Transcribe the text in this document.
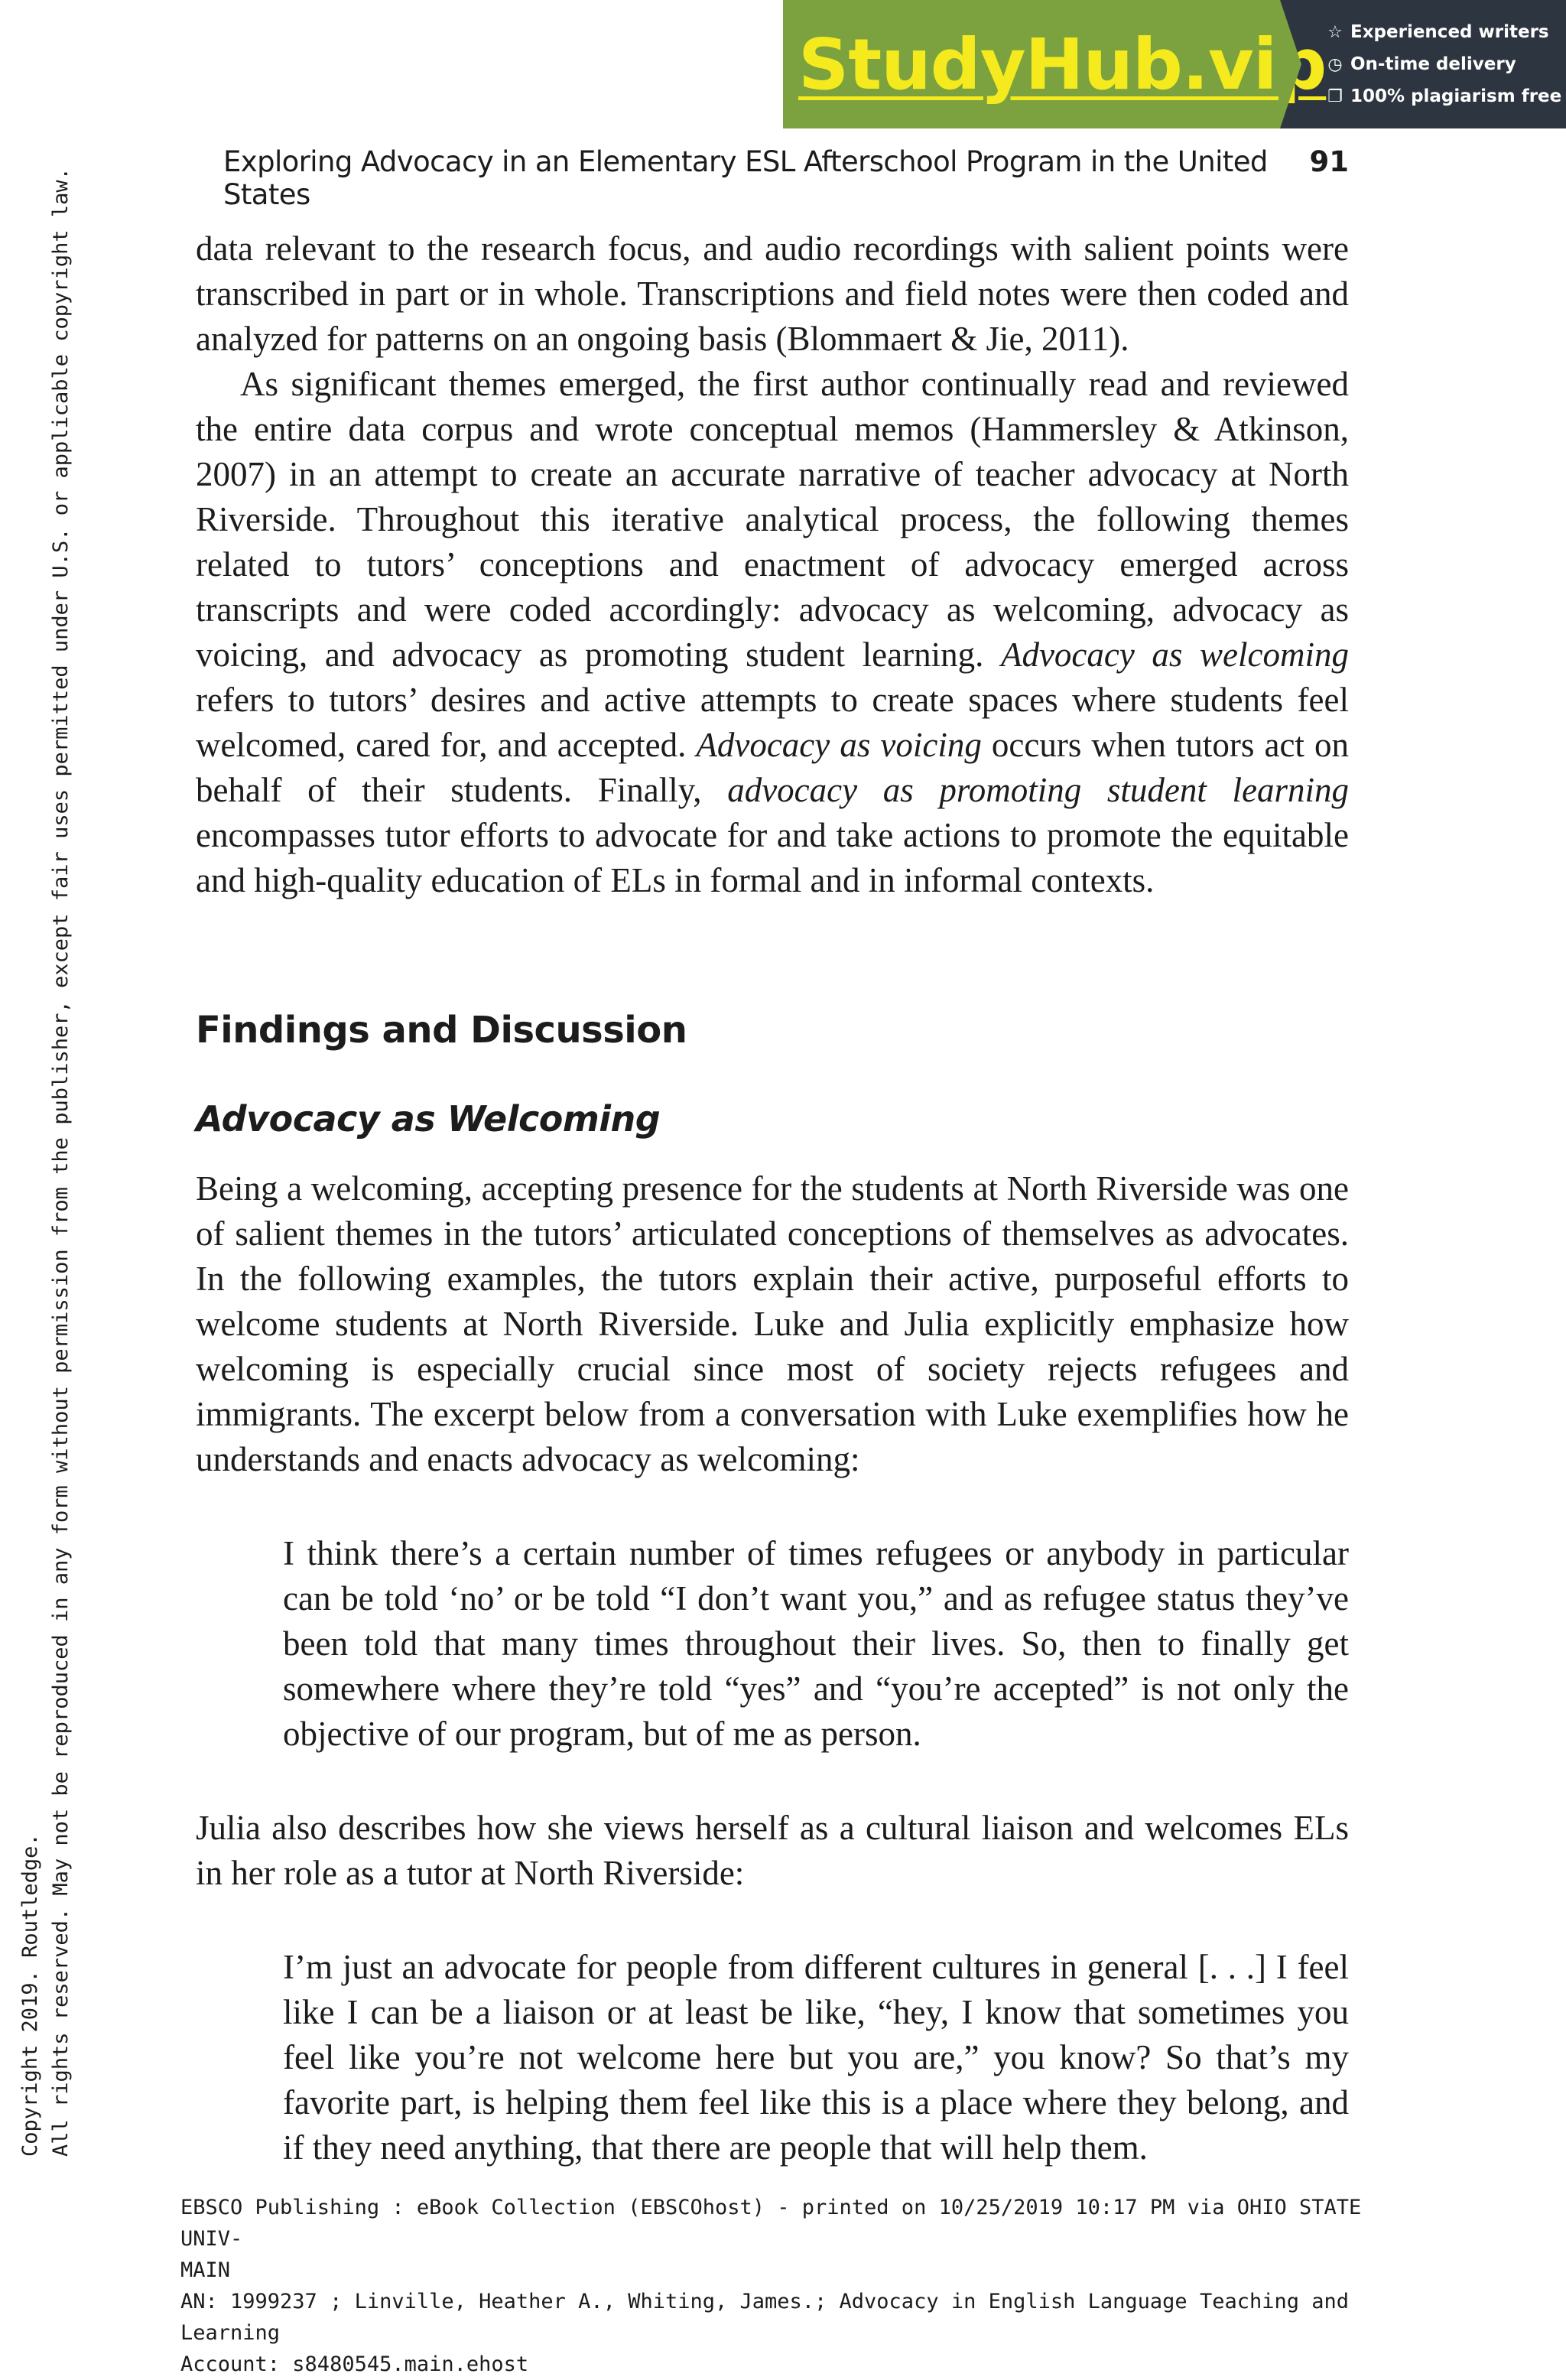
StudyHub.vip ☆ Experienced writers
◷ On-time delivery
❐ 100% plagiarism free
Exploring Advocacy in an Elementary ESL Afterschool Program in the United States
91
Copyright 2019. Routledge. All rights reserved. May not be reproduced in any form without permission from the publisher, except fair uses permitted under U.S. or applicable copyright law.	data relevant to the research focus, and audio recordings with salient points were transcribed in part or in whole. Transcriptions and field notes were then coded and analyzed for patterns on an ongoing basis (Blommaert & Jie, 2011).

As significant themes emerged, the first author continually read and reviewed the entire data corpus and wrote conceptual memos (Hammersley & Atkinson, 2007) in an attempt to create an accurate narrative of teacher advocacy at North Riverside. Throughout this iterative analytical process, the following themes related to tutors’ conceptions and enactment of advocacy emerged across transcripts and were coded accordingly: advocacy as welcoming, advocacy as voicing, and advocacy as promoting student learning. Advocacy as welcoming refers to tutors’ desires and active attempts to create spaces where students feel welcomed, cared for, and accepted. Advocacy as voicing occurs when tutors act on behalf of their students. Finally, advocacy as promoting student learning encompasses tutor efforts to advocate for and take actions to promote the equitable and high-quality education of ELs in formal and in informal contexts.

Findings and Discussion
Advocacy as Welcoming

Being a welcoming, accepting presence for the students at North Riverside was one of salient themes in the tutors’ articulated conceptions of themselves as advocates. In the following examples, the tutors explain their active, purposeful efforts to welcome students at North Riverside. Luke and Julia explicitly emphasize how welcoming is especially crucial since most of society rejects refugees and immigrants. The excerpt below from a conversation with Luke exemplifies how he understands and enacts advocacy as welcoming:

I think there’s a certain number of times refugees or anybody in particular can be told ‘no’ or be told “I don’t want you,” and as refugee status they’ve been told that many times throughout their lives. So, then to finally get somewhere where they’re told “yes” and “you’re accepted” is not only the objective of our program, but of me as person.

Julia also describes how she views herself as a cultural liaison and welcomes ELs in her role as a tutor at North Riverside:

I’m just an advocate for people from different cultures in general [. . .] I feel like I can be a liaison or at least be like, “hey, I know that sometimes you feel like you’re not welcome here but you are,” you know? So that’s my favorite part, is helping them feel like this is a place where they belong, and if they need anything, that there are people that will help them.

EBSCO Publishing : eBook Collection (EBSCOhost) - printed on 10/25/2019 10:17 PM via OHIO STATE UNIV-
MAIN
AN: 1999237 ; Linville, Heather A., Whiting, James.; Advocacy in English Language Teaching and
Learning
Account: s8480545.main.ehost
